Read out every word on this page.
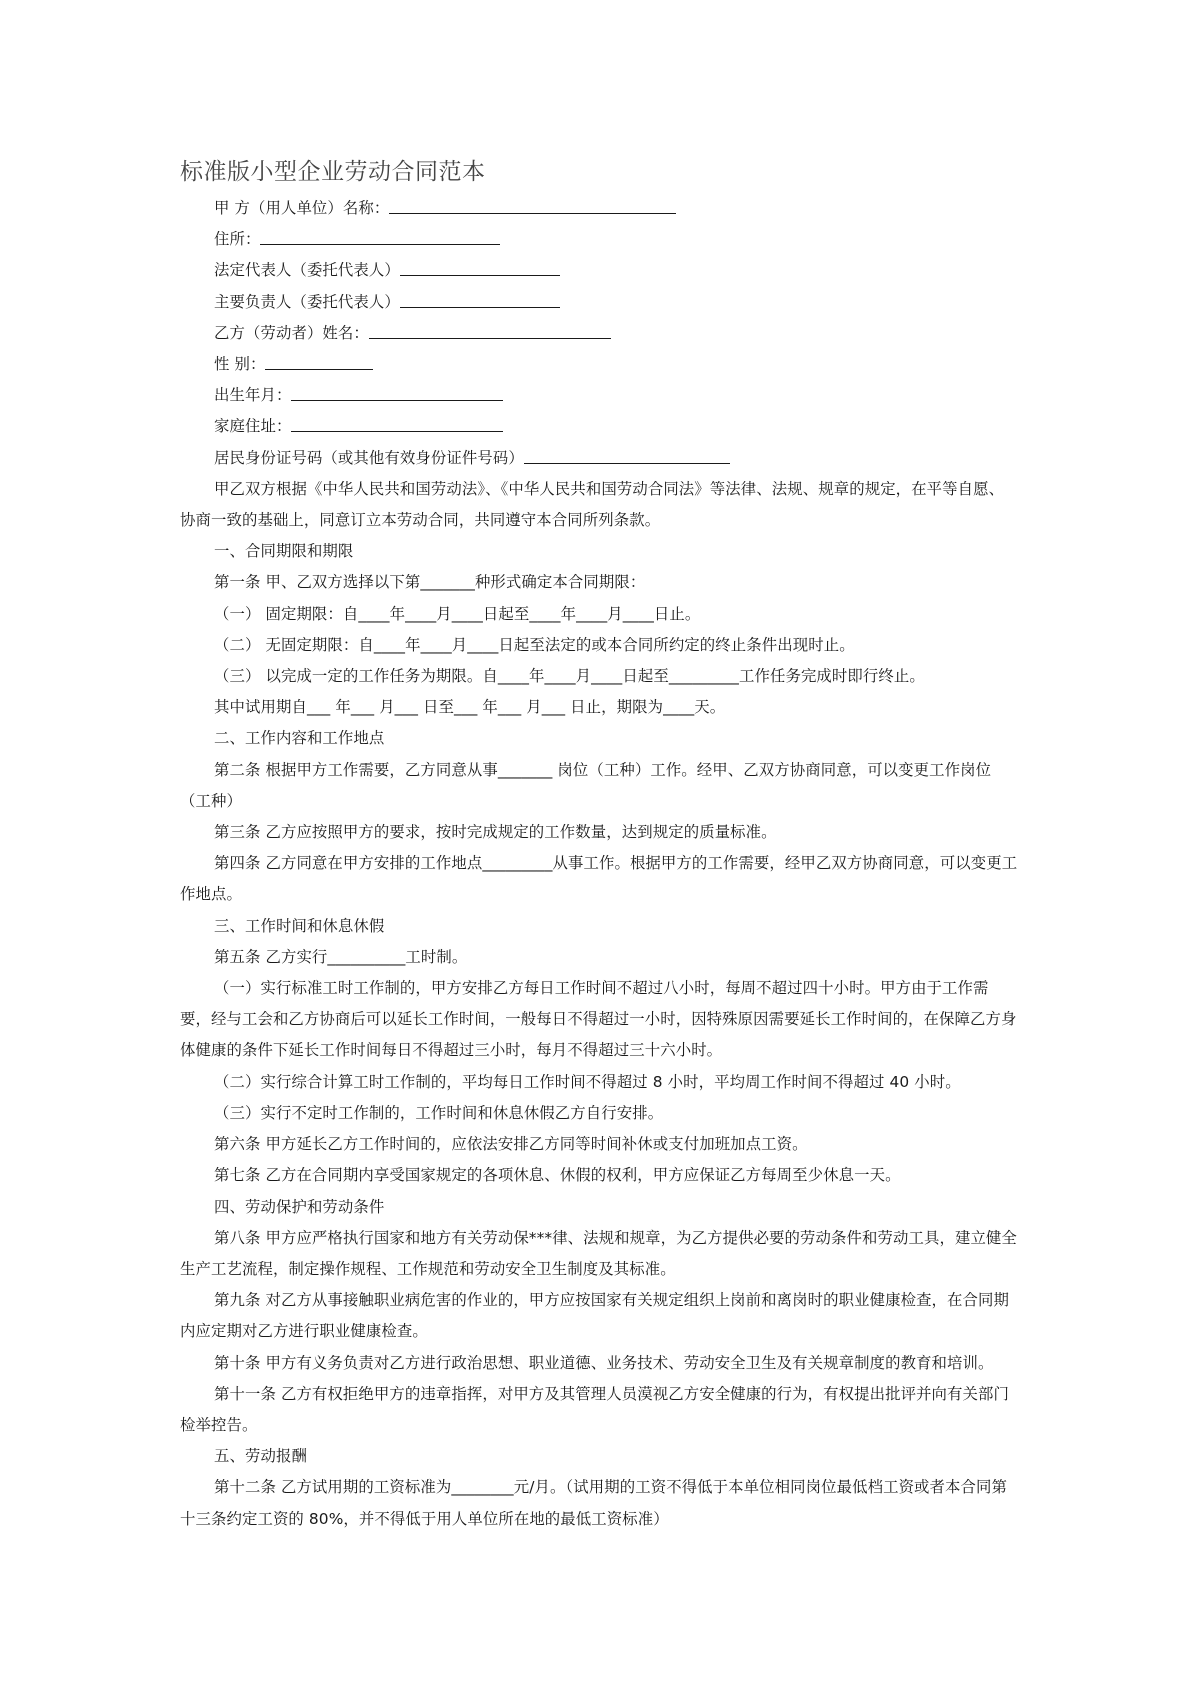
标准版小型企业劳动合同范本

甲 方（用人单位）名称：

住所：

法定代表人（委托代表人）

主要负责人（委托代表人）

乙方（劳动者）姓名：

性 别：

出生年月：

家庭住址：

居民身份证号码（或其他有效身份证件号码）

甲乙双方根据《中华人民共和国劳动法》、《中华人民共和国劳动合同法》等法律、法规、规章的规定，在平等自愿、协商一致的基础上，同意订立本劳动合同，共同遵守本合同所列条款。

一、合同期限和期限

第一条 甲、乙双方选择以下第_______种形式确定本合同期限：

（一） 固定期限：自____年____月____日起至____年____月____日止。

（二） 无固定期限：自____年____月____日起至法定的或本合同所约定的终止条件出现时止。

（三） 以完成一定的工作任务为期限。自____年____月____日起至_________工作任务完成时即行终止。

其中试用期自___ 年___ 月___ 日至___ 年___ 月___ 日止，期限为____天。

二、工作内容和工作地点

第二条 根据甲方工作需要，乙方同意从事_______ 岗位（工种）工作。经甲、乙双方协商同意，可以变更工作岗位（工种）

第三条 乙方应按照甲方的要求，按时完成规定的工作数量，达到规定的质量标准。

第四条 乙方同意在甲方安排的工作地点_________从事工作。根据甲方的工作需要，经甲乙双方协商同意，可以变更工作地点。

三、工作时间和休息休假

第五条 乙方实行__________工时制。

（一）实行标准工时工作制的，甲方安排乙方每日工作时间不超过八小时，每周不超过四十小时。甲方由于工作需要，经与工会和乙方协商后可以延长工作时间，一般每日不得超过一小时，因特殊原因需要延长工作时间的，在保障乙方身体健康的条件下延长工作时间每日不得超过三小时，每月不得超过三十六小时。

（二）实行综合计算工时工作制的，平均每日工作时间不得超过 8 小时，平均周工作时间不得超过 40 小时。

（三）实行不定时工作制的，工作时间和休息休假乙方自行安排。

第六条 甲方延长乙方工作时间的，应依法安排乙方同等时间补休或支付加班加点工资。

第七条 乙方在合同期内享受国家规定的各项休息、休假的权利，甲方应保证乙方每周至少休息一天。

四、劳动保护和劳动条件

第八条 甲方应严格执行国家和地方有关劳动保***律、法规和规章，为乙方提供必要的劳动条件和劳动工具，建立健全生产工艺流程，制定操作规程、工作规范和劳动安全卫生制度及其标准。

第九条 对乙方从事接触职业病危害的作业的，甲方应按国家有关规定组织上岗前和离岗时的职业健康检查，在合同期内应定期对乙方进行职业健康检查。

第十条 甲方有义务负责对乙方进行政治思想、职业道德、业务技术、劳动安全卫生及有关规章制度的教育和培训。

第十一条 乙方有权拒绝甲方的违章指挥，对甲方及其管理人员漠视乙方安全健康的行为，有权提出批评并向有关部门检举控告。

五、劳动报酬

第十二条 乙方试用期的工资标准为________元/月。（试用期的工资不得低于本单位相同岗位最低档工资或者本合同第十三条约定工资的 80%，并不得低于用人单位所在地的最低工资标准）
